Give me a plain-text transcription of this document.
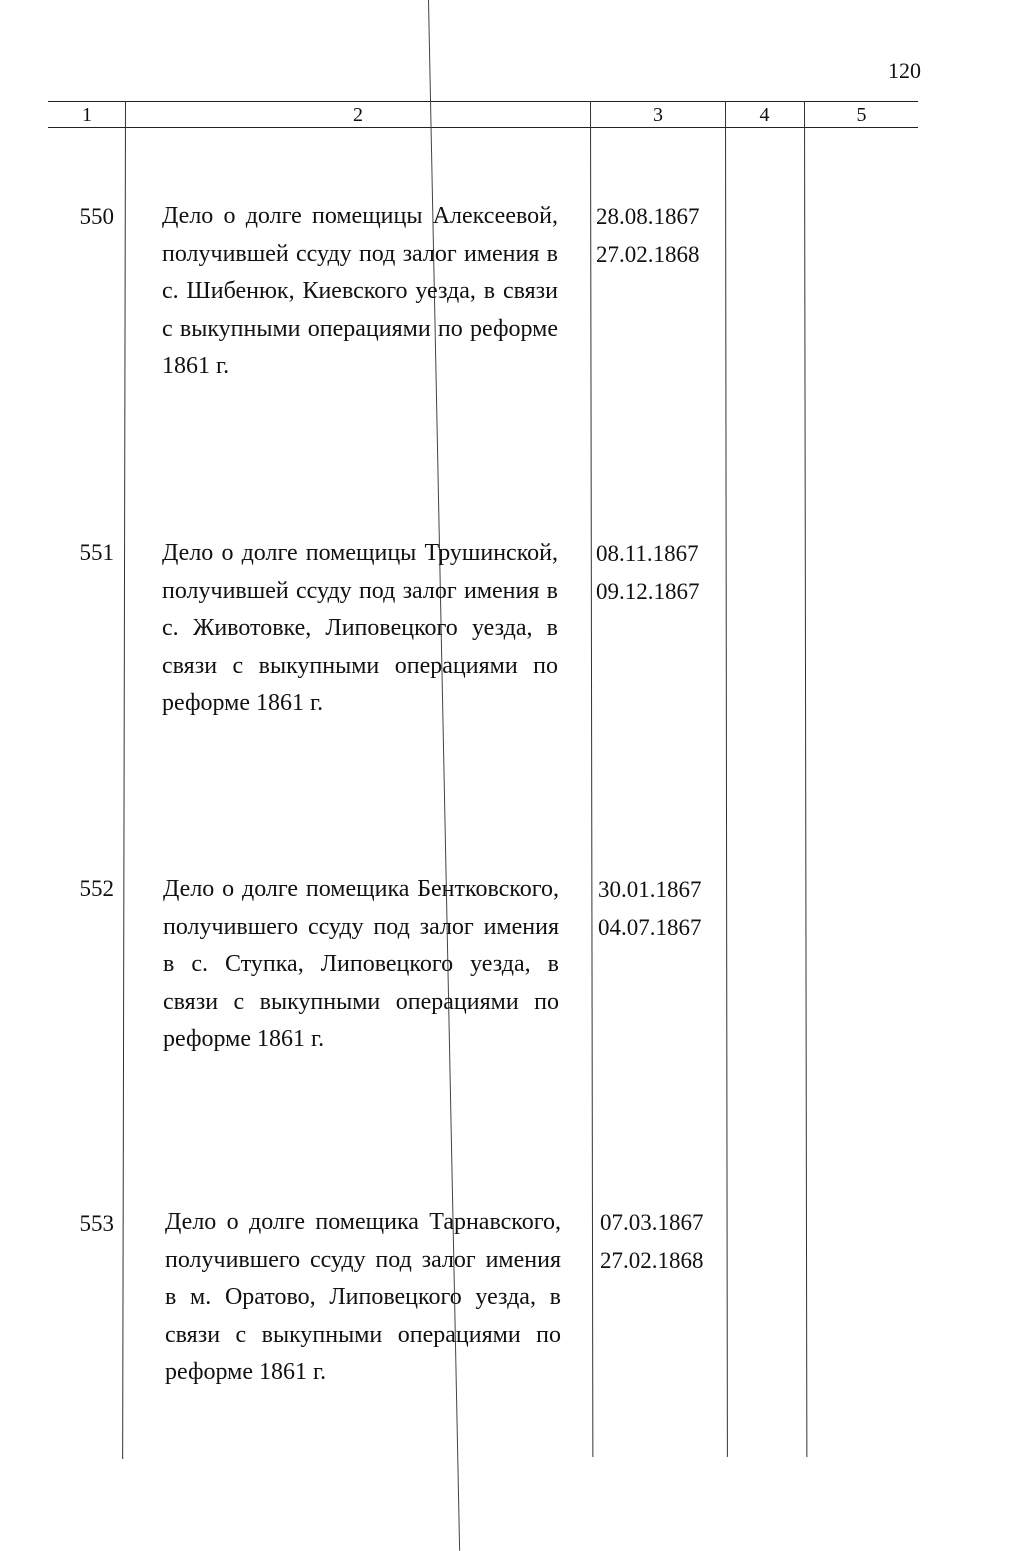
120
1	2	3	4	5
550 Дело о долге помещицы Алексеевой, получившей ссуду под залог имения в с. Шибенюк, Киевского уезда, в связи с выкупными операциями по реформе 1861 г.
28.08.1867
27.02.1868
551 Дело о долге помещицы Трушинской, получившей ссуду под залог имения в с. Животовке, Липовецкого уезда, в связи с выкупными операциями по реформе 1861 г.
08.11.1867
09.12.1867
552 Дело о долге помещика Бентковского, получившего ссуду под залог имения в с. Ступка, Липовецкого уезда, в связи с выкупными операциями по реформе 1861 г.
30.01.1867
04.07.1867
553 Дело о долге помещика Тарнавского, получившего ссуду под залог имения в м. Оратово, Липовецкого уезда, в связи с выкупными операциями по реформе 1861 г.
07.03.1867
27.02.1868
